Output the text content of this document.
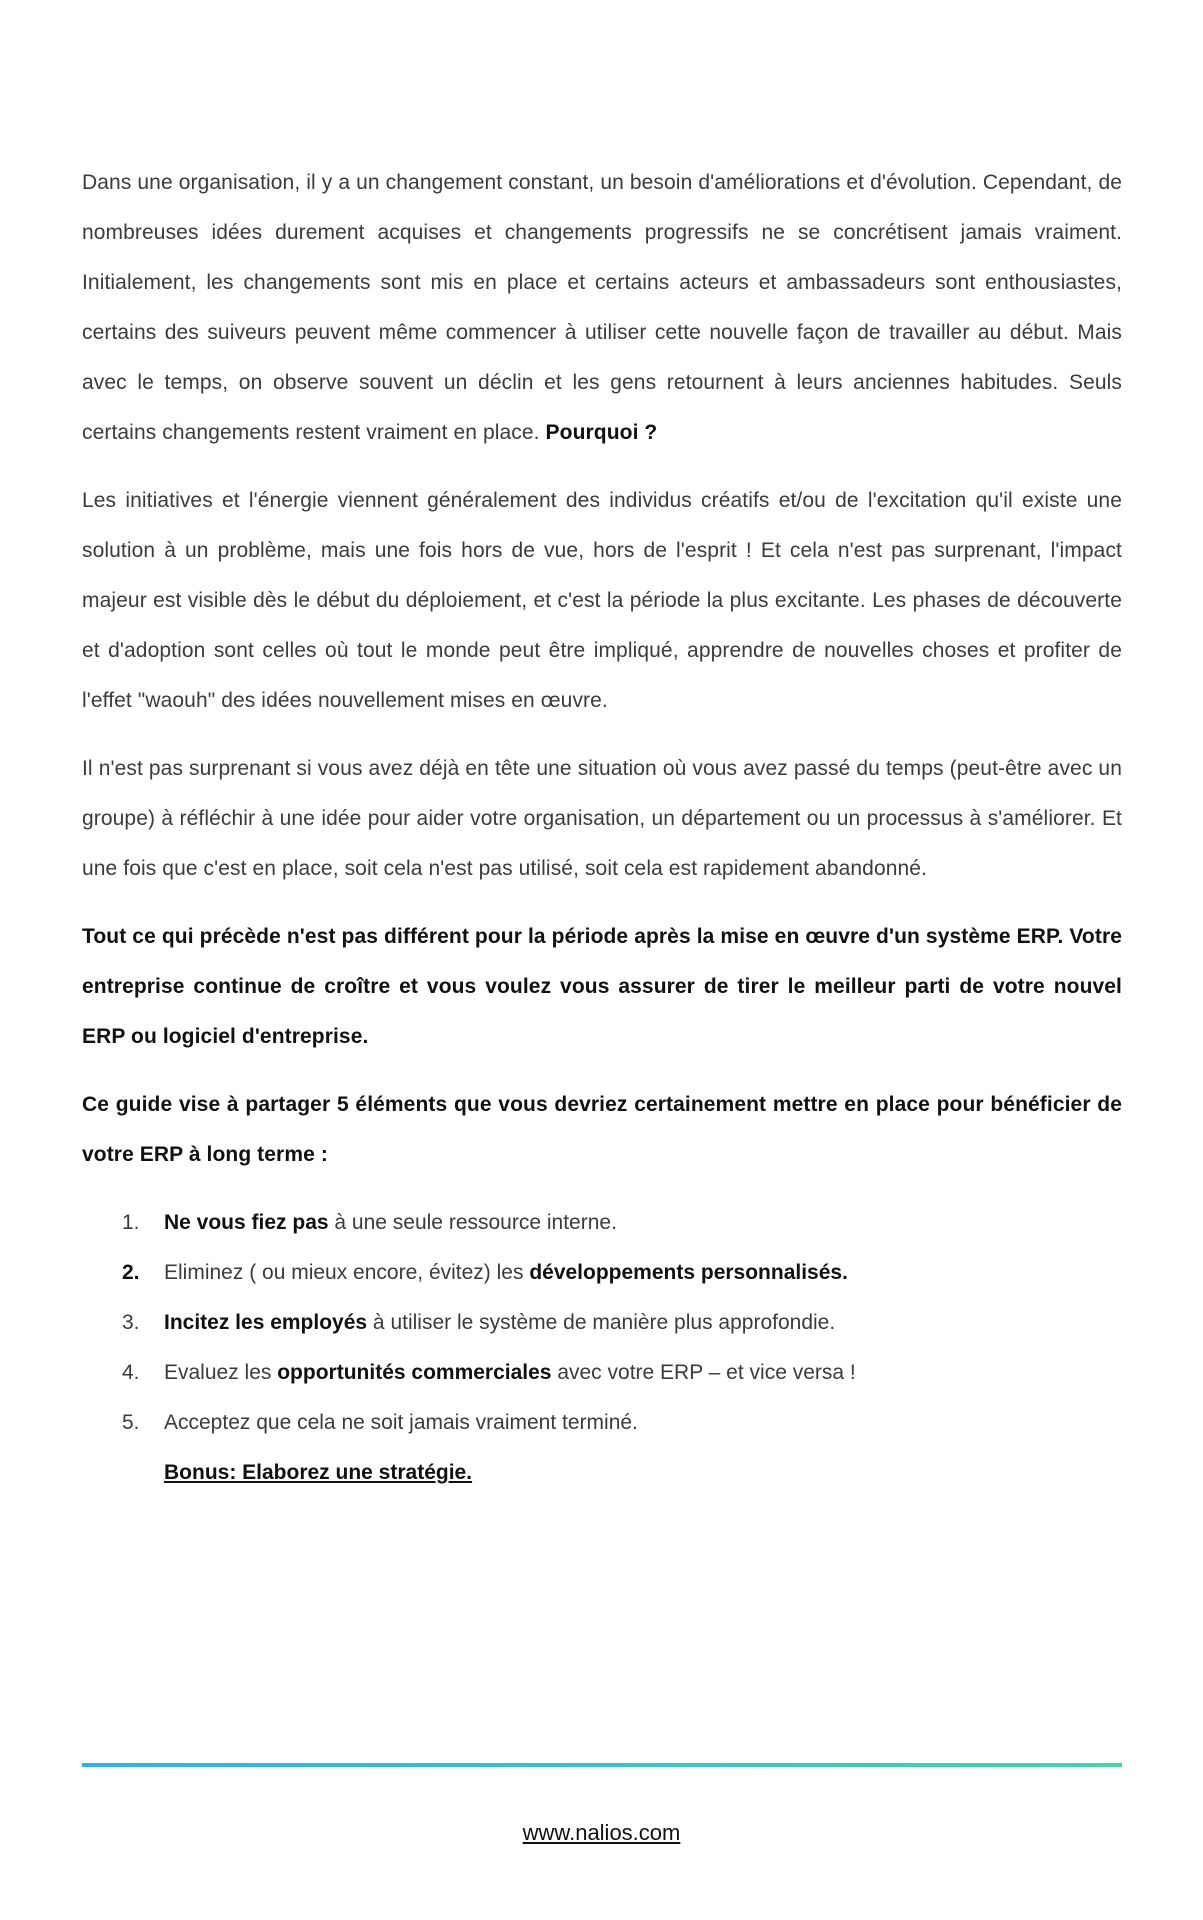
Dans une organisation, il y a un changement constant, un besoin d'améliorations et d'évolution. Cependant, de nombreuses idées durement acquises et changements progressifs ne se concrétisent jamais vraiment. Initialement, les changements sont mis en place et certains acteurs et ambassadeurs sont enthousiastes, certains des suiveurs peuvent même commencer à utiliser cette nouvelle façon de travailler au début. Mais avec le temps, on observe souvent un déclin et les gens retournent à leurs anciennes habitudes. Seuls certains changements restent vraiment en place. Pourquoi ?

Les initiatives et l'énergie viennent généralement des individus créatifs et/ou de l'excitation qu'il existe une solution à un problème, mais une fois hors de vue, hors de l'esprit ! Et cela n'est pas surprenant, l'impact majeur est visible dès le début du déploiement, et c'est la période la plus excitante. Les phases de découverte et d'adoption sont celles où tout le monde peut être impliqué, apprendre de nouvelles choses et profiter de l'effet "waouh" des idées nouvellement mises en œuvre.

Il n'est pas surprenant si vous avez déjà en tête une situation où vous avez passé du temps (peut-être avec un groupe) à réfléchir à une idée pour aider votre organisation, un département ou un processus à s'améliorer. Et une fois que c'est en place, soit cela n'est pas utilisé, soit cela est rapidement abandonné.

Tout ce qui précède n'est pas différent pour la période après la mise en œuvre d'un système ERP. Votre entreprise continue de croître et vous voulez vous assurer de tirer le meilleur parti de votre nouvel ERP ou logiciel d'entreprise.

Ce guide vise à partager 5 éléments que vous devriez certainement mettre en place pour bénéficier de votre ERP à long terme :

1.	Ne vous fiez pas à une seule ressource interne.
2.	Eliminez ( ou mieux encore, évitez) les développements personnalisés.
3.	Incitez les employés à utiliser le système de manière plus approfondie.
4.	Evaluez les opportunités commerciales avec votre ERP – et vice versa !
5.	Acceptez que cela ne soit jamais vraiment terminé.
Bonus: Elaborez une stratégie.
www.nalios.com
